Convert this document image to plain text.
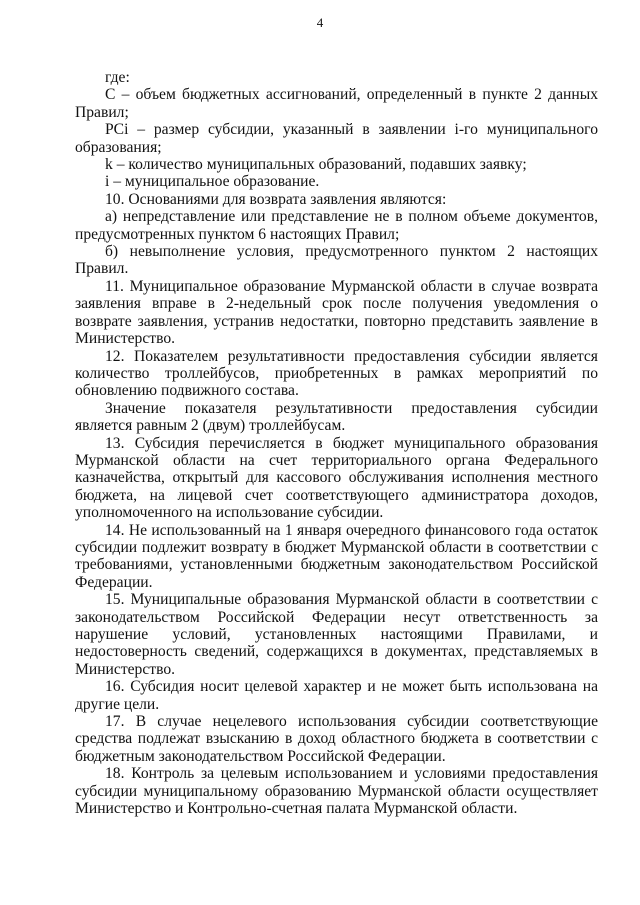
4

где:

С – объем бюджетных ассигнований, определенный в пункте 2 данных Правил;

PCi – размер субсидии, указанный в заявлении i-го муниципального образования;

k – количество муниципальных образований, подавших заявку;

i – муниципальное образование.

10. Основаниями для возврата заявления являются:

а) непредставление или представление не в полном объеме документов, предусмотренных пунктом 6 настоящих Правил;

б) невыполнение условия, предусмотренного пунктом 2 настоящих Правил.

11. Муниципальное образование Мурманской области в случае возврата заявления вправе в 2-недельный срок после получения уведомления о возврате заявления, устранив недостатки, повторно представить заявление в Министерство.

12. Показателем результативности предоставления субсидии является количество троллейбусов, приобретенных в рамках мероприятий по обновлению подвижного состава.

Значение показателя результативности предоставления субсидии является равным 2 (двум) троллейбусам.

13. Субсидия перечисляется в бюджет муниципального образования Мурманской области на счет территориального органа Федерального казначейства, открытый для кассового обслуживания исполнения местного бюджета, на лицевой счет соответствующего администратора доходов, уполномоченного на использование субсидии.

14. Не использованный на 1 января очередного финансового года остаток субсидии подлежит возврату в бюджет Мурманской области в соответствии с требованиями, установленными бюджетным законодательством Российской Федерации.

15. Муниципальные образования Мурманской области в соответствии с законодательством Российской Федерации несут ответственность за нарушение условий, установленных настоящими Правилами, и недостоверность сведений, содержащихся в документах, представляемых в Министерство.

16. Субсидия носит целевой характер и не может быть использована на другие цели.

17. В случае нецелевого использования субсидии соответствующие средства подлежат взысканию в доход областного бюджета в соответствии с бюджетным законодательством Российской Федерации.

18. Контроль за целевым использованием и условиями предоставления субсидии муниципальному образованию Мурманской области осуществляет Министерство и Контрольно-счетная палата Мурманской области.
